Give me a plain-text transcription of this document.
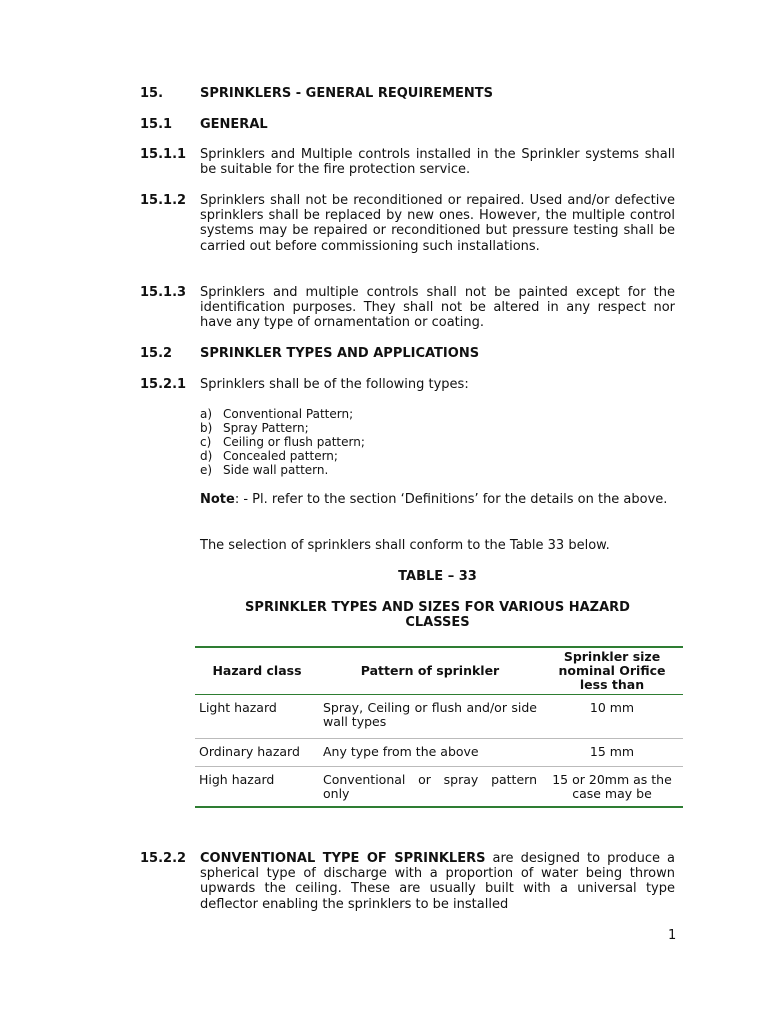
15.	SPRINKLERS - GENERAL REQUIREMENTS
15.1 GENERAL
15.1.1 Sprinklers and Multiple controls installed in the Sprinkler systems shall be suitable for the fire protection service.
15.1.2 Sprinklers shall not be reconditioned or repaired. Used and/or defective sprinklers shall be replaced by new ones. However, the multiple control systems may be repaired or reconditioned but pressure testing shall be carried out before commissioning such installations.
15.1.3 Sprinklers and multiple controls shall not be painted except for the identification purposes. They shall not be altered in any respect nor have any type of ornamentation or coating.
15.2 SPRINKLER TYPES AND APPLICATIONS
15.2.1 Sprinklers shall be of the following types:
a) Conventional Pattern;
b) Spray Pattern;
c) Ceiling or flush pattern;
d) Concealed pattern;
e) Side wall pattern.
Note: - Pl. refer to the section ‘Definitions’ for the details on the above.
The selection of sprinklers shall conform to the Table 33 below.
TABLE – 33
SPRINKLER TYPES AND SIZES FOR VARIOUS HAZARD CLASSES
Hazard class	Pattern of sprinkler	Sprinkler size nominal Orifice less than
Light hazard	Spray, Ceiling or flush and/or side wall types	10 mm
Ordinary hazard	Any type from the above	15 mm
High hazard	Conventional or spray pattern only	15 or 20mm as the case may be
15.2.2 CONVENTIONAL TYPE OF SPRINKLERS are designed to produce a spherical type of discharge with a proportion of water being thrown upwards the ceiling. These are usually built with a universal type deflector enabling the sprinklers to be installed
1
